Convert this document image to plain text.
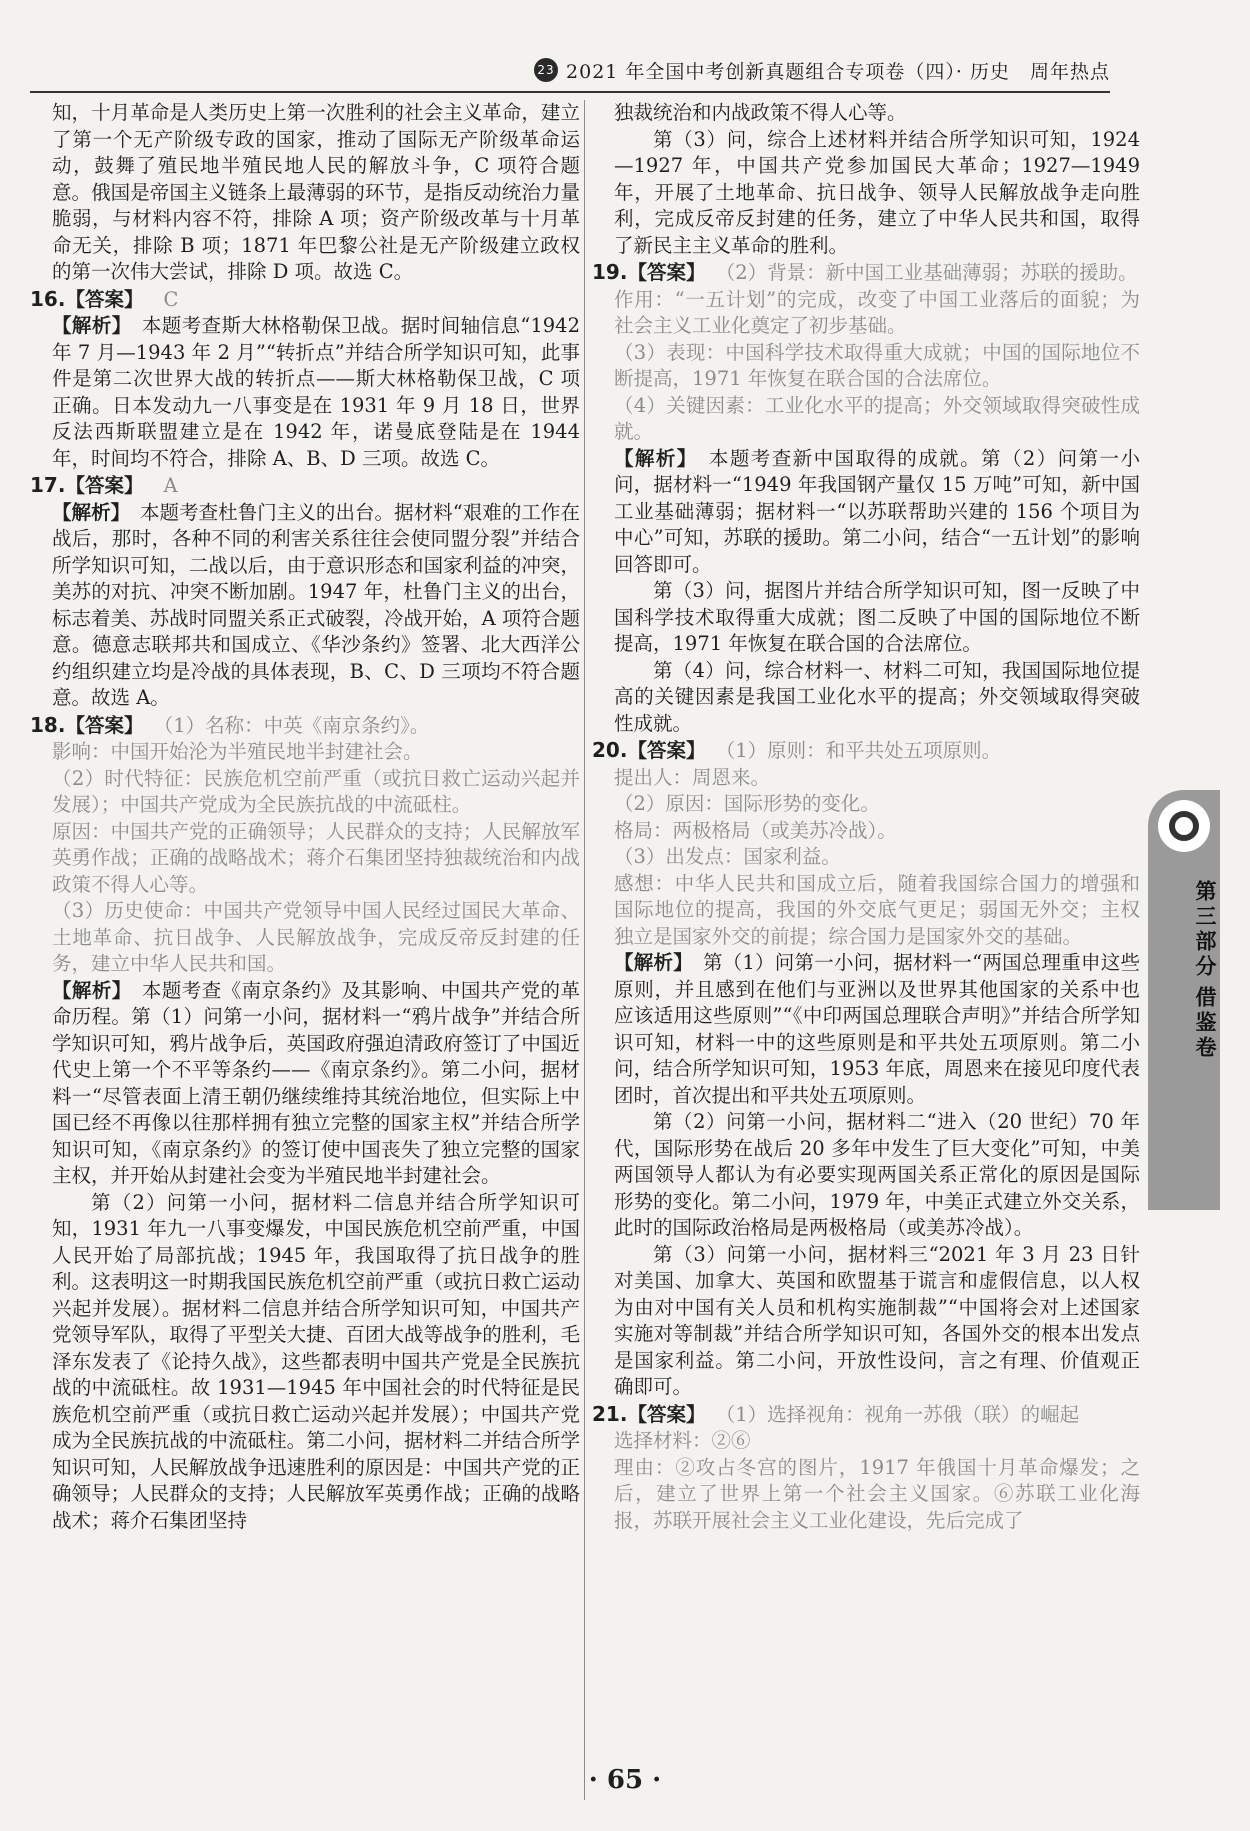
23 2021 年全国中考创新真题组合专项卷（四）· 历史　周年热点

知，十月革命是人类历史上第一次胜利的社会主义革命，建立了第一个无产阶级专政的国家，推动了国际无产阶级革命运动，鼓舞了殖民地半殖民地人民的解放斗争，C 项符合题意。俄国是帝国主义链条上最薄弱的环节，是指反动统治力量脆弱，与材料内容不符，排除 A 项；资产阶级改革与十月革命无关，排除 B 项；1871 年巴黎公社是无产阶级建立政权的第一次伟大尝试，排除 D 项。故选 C。

16.【答案】 C

【解析】　本题考查斯大林格勒保卫战。据时间轴信息“1942 年 7 月—1943 年 2 月”“转折点”并结合所学知识可知，此事件是第二次世界大战的转折点——斯大林格勒保卫战，C 项正确。日本发动九一八事变是在 1931 年 9 月 18 日，世界反法西斯联盟建立是在 1942 年，诺曼底登陆是在 1944 年，时间均不符合，排除 A、B、D 三项。故选 C。

17.【答案】 A

【解析】　本题考查杜鲁门主义的出台。据材料“艰难的工作在战后，那时，各种不同的利害关系往往会使同盟分裂”并结合所学知识可知，二战以后，由于意识形态和国家利益的冲突，美苏的对抗、冲突不断加剧。1947 年，杜鲁门主义的出台，标志着美、苏战时同盟关系正式破裂，冷战开始，A 项符合题意。德意志联邦共和国成立、《华沙条约》签署、北大西洋公约组织建立均是冷战的具体表现，B、C、D 三项均不符合题意。故选 A。

18.【答案】 （1）名称：中英《南京条约》。

影响：中国开始沦为半殖民地半封建社会。

（2）时代特征：民族危机空前严重（或抗日救亡运动兴起并发展）；中国共产党成为全民族抗战的中流砥柱。

原因：中国共产党的正确领导；人民群众的支持；人民解放军英勇作战；正确的战略战术；蒋介石集团坚持独裁统治和内战政策不得人心等。

（3）历史使命：中国共产党领导中国人民经过国民大革命、土地革命、抗日战争、人民解放战争，完成反帝反封建的任务，建立中华人民共和国。

【解析】　本题考查《南京条约》及其影响、中国共产党的革命历程。第（1）问第一小问，据材料一“鸦片战争”并结合所学知识可知，鸦片战争后，英国政府强迫清政府签订了中国近代史上第一个不平等条约——《南京条约》。第二小问，据材料一“尽管表面上清王朝仍继续维持其统治地位，但实际上中国已经不再像以往那样拥有独立完整的国家主权”并结合所学知识可知，《南京条约》的签订使中国丧失了独立完整的国家主权，并开始从封建社会变为半殖民地半封建社会。

第（2）问第一小问，据材料二信息并结合所学知识可知，1931 年九一八事变爆发，中国民族危机空前严重，中国人民开始了局部抗战；1945 年，我国取得了抗日战争的胜利。这表明这一时期我国民族危机空前严重（或抗日救亡运动兴起并发展）。据材料二信息并结合所学知识可知，中国共产党领导军队，取得了平型关大捷、百团大战等战争的胜利，毛泽东发表了《论持久战》，这些都表明中国共产党是全民族抗战的中流砥柱。故 1931—1945 年中国社会的时代特征是民族危机空前严重（或抗日救亡运动兴起并发展）；中国共产党成为全民族抗战的中流砥柱。第二小问，据材料二并结合所学知识可知，人民解放战争迅速胜利的原因是：中国共产党的正确领导；人民群众的支持；人民解放军英勇作战；正确的战略战术；蒋介石集团坚持

独裁统治和内战政策不得人心等。

第（3）问，综合上述材料并结合所学知识可知，1924—1927 年，中国共产党参加国民大革命；1927—1949 年，开展了土地革命、抗日战争、领导人民解放战争走向胜利，完成反帝反封建的任务，建立了中华人民共和国，取得了新民主主义革命的胜利。

19.【答案】 （2）背景：新中国工业基础薄弱；苏联的援助。

作用：“一五计划”的完成，改变了中国工业落后的面貌；为社会主义工业化奠定了初步基础。

（3）表现：中国科学技术取得重大成就；中国的国际地位不断提高，1971 年恢复在联合国的合法席位。

（4）关键因素：工业化水平的提高；外交领域取得突破性成就。

【解析】　本题考查新中国取得的成就。第（2）问第一小问，据材料一“1949 年我国钢产量仅 15 万吨”可知，新中国工业基础薄弱；据材料一“以苏联帮助兴建的 156 个项目为中心”可知，苏联的援助。第二小问，结合“一五计划”的影响回答即可。

第（3）问，据图片并结合所学知识可知，图一反映了中国科学技术取得重大成就；图二反映了中国的国际地位不断提高，1971 年恢复在联合国的合法席位。

第（4）问，综合材料一、材料二可知，我国国际地位提高的关键因素是我国工业化水平的提高；外交领域取得突破性成就。

20.【答案】 （1）原则：和平共处五项原则。

提出人：周恩来。

（2）原因：国际形势的变化。

格局：两极格局（或美苏冷战）。

（3）出发点：国家利益。

感想：中华人民共和国成立后，随着我国综合国力的增强和国际地位的提高，我国的外交底气更足；弱国无外交；主权独立是国家外交的前提；综合国力是国家外交的基础。

【解析】　第（1）问第一小问，据材料一“两国总理重申这些原则，并且感到在他们与亚洲以及世界其他国家的关系中也应该适用这些原则”“《中印两国总理联合声明》”并结合所学知识可知，材料一中的这些原则是和平共处五项原则。第二小问，结合所学知识可知，1953 年底，周恩来在接见印度代表团时，首次提出和平共处五项原则。

第（2）问第一小问，据材料二“进入（20 世纪）70 年代，国际形势在战后 20 多年中发生了巨大变化”可知，中美两国领导人都认为有必要实现两国关系正常化的原因是国际形势的变化。第二小问，1979 年，中美正式建立外交关系，此时的国际政治格局是两极格局（或美苏冷战）。

第（3）问第一小问，据材料三“2021 年 3 月 23 日针对美国、加拿大、英国和欧盟基于谎言和虚假信息，以人权为由对中国有关人员和机构实施制裁”“中国将会对上述国家实施对等制裁”并结合所学知识可知，各国外交的根本出发点是国家利益。第二小问，开放性设问，言之有理、价值观正确即可。

21.【答案】 （1）选择视角：视角一苏俄（联）的崛起

选择材料：②⑥

理由：②攻占冬宫的图片，1917 年俄国十月革命爆发；之后，建立了世界上第一个社会主义国家。⑥苏联工业化海报，苏联开展社会主义工业化建设，先后完成了

第三部分
借鉴卷
· 65 ·
